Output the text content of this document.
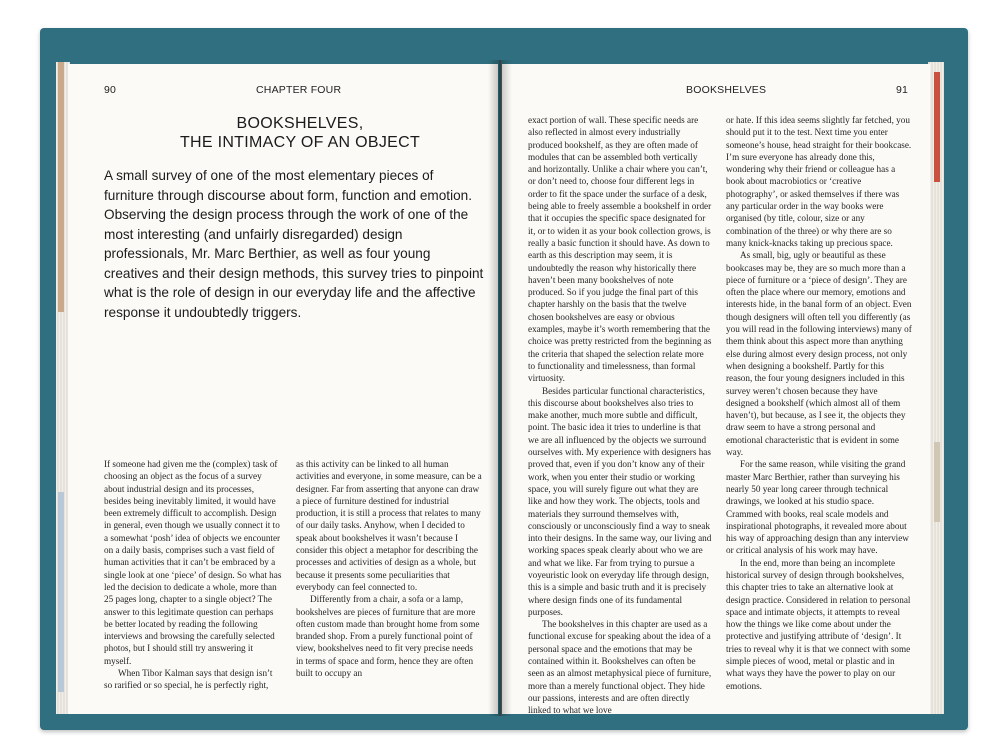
90	CHAPTER FOUR	BOOKSHELVES	91
BOOKSHELVES,
THE INTIMACY OF AN OBJECT
A small survey of one of the most elementary pieces of furniture through discourse about form, function and emotion. Observing the design process through the work of one of the most interesting (and unfairly disregarded) design professionals, Mr. Marc Berthier, as well as four young creatives and their design methods, this survey tries to pinpoint what is the role of design in our everyday life and the affective response it undoubtedly triggers.

If someone had given me the (complex) task of choosing an object as the focus of a survey about industrial design and its processes, besides being inevitably limited, it would have been extremely difficult to accomplish. Design in general, even though we usually connect it to a somewhat ‘posh’ idea of objects we encounter on a daily basis, comprises such a vast field of human activities that it can’t be embraced by a single look at one ‘piece’ of design. So what has led the decision to dedicate a whole, more than 25 pages long, chapter to a single object? The answer to this legitimate question can perhaps be better located by reading the following interviews and browsing the carefully selected photos, but I should still try answering it myself.

When Tibor Kalman says that design isn’t so rarified or so special, he is perfectly right,

as this activity can be linked to all human activities and everyone, in some measure, can be a designer. Far from asserting that anyone can draw a piece of furniture destined for industrial production, it is still a process that relates to many of our daily tasks. Anyhow, when I decided to speak about bookshelves it wasn’t because I consider this object a metaphor for describing the processes and activities of design as a whole, but because it presents some peculiarities that everybody can feel connected to.

Differently from a chair, a sofa or a lamp, bookshelves are pieces of furniture that are more often custom made than brought home from some branded shop. From a purely functional point of view, bookshelves need to fit very precise needs in terms of space and form, hence they are often built to occupy an

exact portion of wall. These specific needs are also reflected in almost every industrially produced bookshelf, as they are often made of modules that can be assembled both vertically and horizontally. Unlike a chair where you can’t, or don’t need to, choose four different legs in order to fit the space under the surface of a desk, being able to freely assemble a bookshelf in order that it occupies the specific space designated for it, or to widen it as your book collection grows, is really a basic function it should have. As down to earth as this description may seem, it is undoubtedly the reason why historically there haven’t been many bookshelves of note produced. So if you judge the final part of this chapter harshly on the basis that the twelve chosen bookshelves are easy or obvious examples, maybe it’s worth remembering that the choice was pretty restricted from the beginning as the criteria that shaped the selection relate more to functionality and timelessness, than formal virtuosity.

Besides particular functional characteristics, this discourse about bookshelves also tries to make another, much more subtle and difficult, point. The basic idea it tries to underline is that we are all influenced by the objects we surround ourselves with. My experience with designers has proved that, even if you don’t know any of their work, when you enter their studio or working space, you will surely figure out what they are like and how they work. The objects, tools and materials they surround themselves with, consciously or unconsciously find a way to sneak into their designs. In the same way, our living and working spaces speak clearly about who we are and what we like. Far from trying to pursue a voyeuristic look on everyday life through design, this is a simple and basic truth and it is precisely where design finds one of its fundamental purposes.

The bookshelves in this chapter are used as a functional excuse for speaking about the idea of a personal space and the emotions that may be contained within it. Bookshelves can often be seen as an almost metaphysical piece of furniture, more than a merely functional object. They hide our passions, interests and are often directly linked to what we love

or hate. If this idea seems slightly far fetched, you should put it to the test. Next time you enter someone’s house, head straight for their bookcase. I’m sure everyone has already done this, wondering why their friend or colleague has a book about macrobiotics or ‘creative photography’, or asked themselves if there was any particular order in the way books were organised (by title, colour, size or any combination of the three) or why there are so many knick-knacks taking up precious space.

As small, big, ugly or beautiful as these bookcases may be, they are so much more than a piece of furniture or a ‘piece of design’. They are often the place where our memory, emotions and interests hide, in the banal form of an object. Even though designers will often tell you differently (as you will read in the following interviews) many of them think about this aspect more than anything else during almost every design process, not only when designing a bookshelf. Partly for this reason, the four young designers included in this survey weren’t chosen because they have designed a bookshelf (which almost all of them haven’t), but because, as I see it, the objects they draw seem to have a strong personal and emotional characteristic that is evident in some way.

For the same reason, while visiting the grand master Marc Berthier, rather than surveying his nearly 50 year long career through technical drawings, we looked at his studio space. Crammed with books, real scale models and inspirational photographs, it revealed more about his way of approaching design than any interview or critical analysis of his work may have.

In the end, more than being an incomplete historical survey of design through bookshelves, this chapter tries to take an alternative look at design practice. Considered in relation to personal space and intimate objects, it attempts to reveal how the things we like come about under the protective and justifying attribute of ‘design’. It tries to reveal why it is that we connect with some simple pieces of wood, metal or plastic and in what ways they have the power to play on our emotions.
